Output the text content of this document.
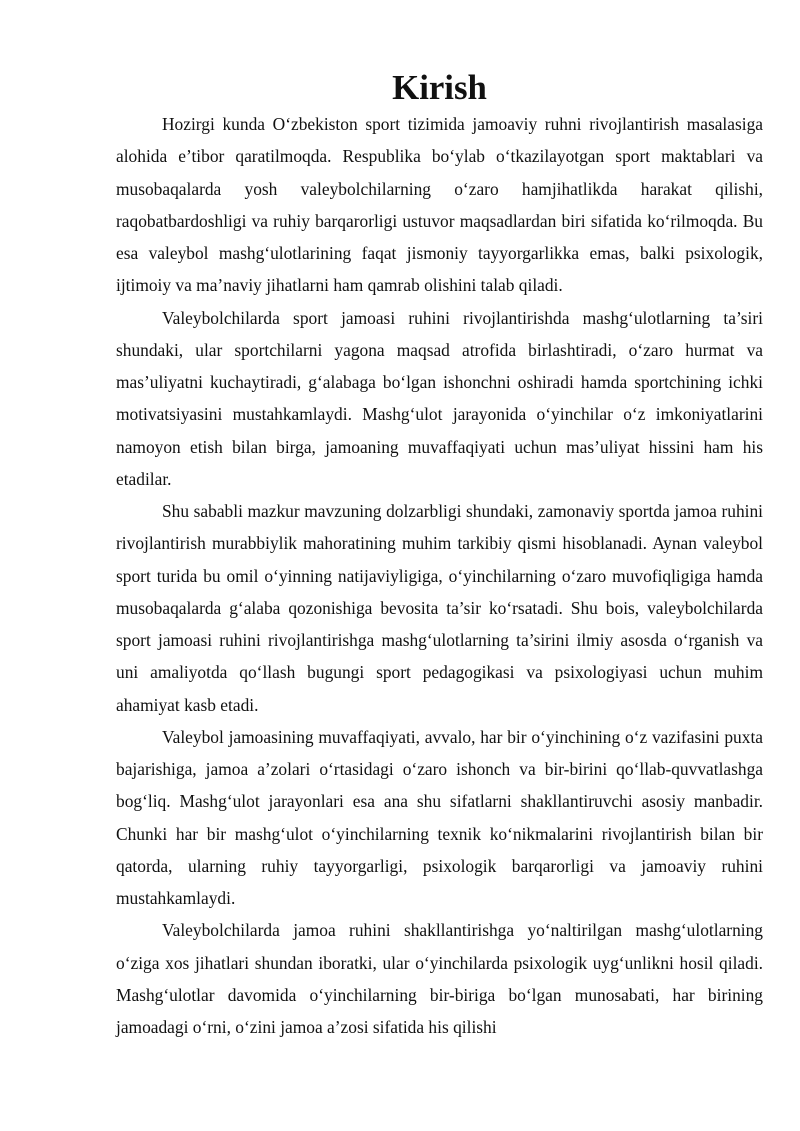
Kirish

Hozirgi kunda O‘zbekiston sport tizimida jamoaviy ruhni rivojlantirish masalasiga alohida e’tibor qaratilmoqda. Respublika bo‘ylab o‘tkazilayotgan sport maktablari va musobaqalarda yosh valeybolchilarning o‘zaro hamjihatlikda harakat qilishi, raqobatbardoshligi va ruhiy barqarorligi ustuvor maqsadlardan biri sifatida ko‘rilmoqda. Bu esa valeybol mashg‘ulotlarining faqat jismoniy tayyorgarlikka emas, balki psixologik, ijtimoiy va ma’naviy jihatlarni ham qamrab olishini talab qiladi.

Valeybolchilarda sport jamoasi ruhini rivojlantirishda mashg‘ulotlarning ta’siri shundaki, ular sportchilarni yagona maqsad atrofida birlashtiradi, o‘zaro hurmat va mas’uliyatni kuchaytiradi, g‘alabaga bo‘lgan ishonchni oshiradi hamda sportchining ichki motivatsiyasini mustahkamlaydi. Mashg‘ulot jarayonida o‘yinchilar o‘z imkoniyatlarini namoyon etish bilan birga, jamoaning muvaffaqiyati uchun mas’uliyat hissini ham his etadilar.

Shu sababli mazkur mavzuning dolzarbligi shundaki, zamonaviy sportda jamoa ruhini rivojlantirish murabbiylik mahoratining muhim tarkibiy qismi hisoblanadi. Aynan valeybol sport turida bu omil o‘yinning natijaviyligiga, o‘yinchilarning o‘zaro muvofiqligiga hamda musobaqalarda g‘alaba qozonishiga bevosita ta’sir ko‘rsatadi. Shu bois, valeybolchilarda sport jamoasi ruhini rivojlantirishga mashg‘ulotlarning ta’sirini ilmiy asosda o‘rganish va uni amaliyotda qo‘llash bugungi sport pedagogikasi va psixologiyasi uchun muhim ahamiyat kasb etadi.

Valeybol jamoasining muvaffaqiyati, avvalo, har bir o‘yinchining o‘z vazifasini puxta bajarishiga, jamoa a’zolari o‘rtasidagi o‘zaro ishonch va bir-birini qo‘llab-quvvatlashga bog‘liq. Mashg‘ulot jarayonlari esa ana shu sifatlarni shakllantiruvchi asosiy manbadir. Chunki har bir mashg‘ulot o‘yinchilarning texnik ko‘nikmalarini rivojlantirish bilan bir qatorda, ularning ruhiy tayyorgarligi, psixologik barqarorligi va jamoaviy ruhini mustahkamlaydi.

Valeybolchilarda jamoa ruhini shakllantirishga yo‘naltirilgan mashg‘ulotlarning o‘ziga xos jihatlari shundan iboratki, ular o‘yinchilarda psixologik uyg‘unlikni hosil qiladi. Mashg‘ulotlar davomida o‘yinchilarning bir-biriga bo‘lgan munosabati, har birining jamoadagi o‘rni, o‘zini jamoa a’zosi sifatida his qilishi
